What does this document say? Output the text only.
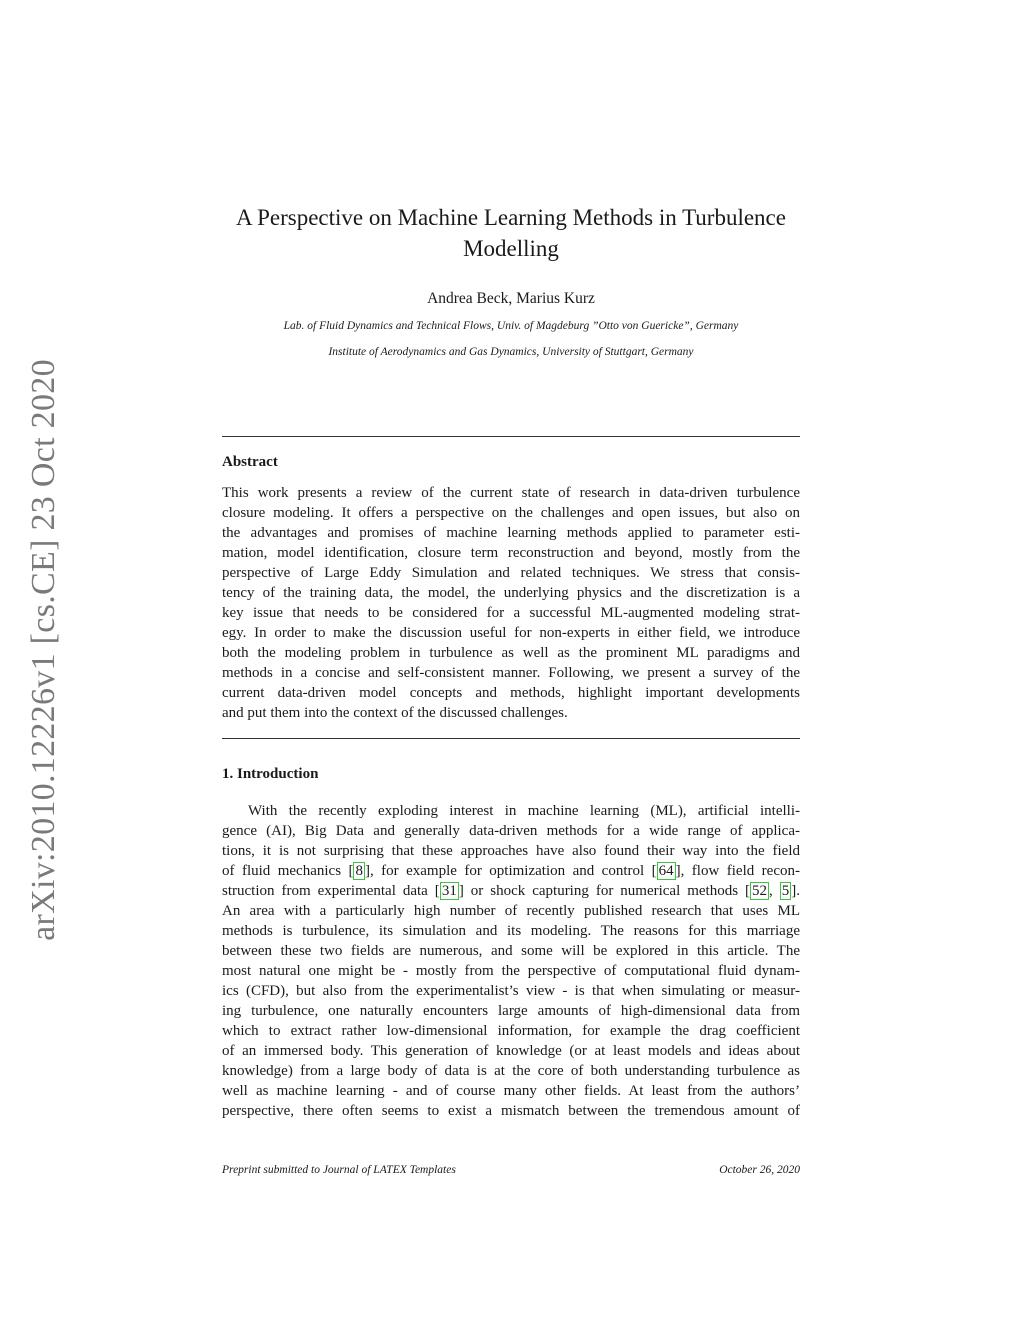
arXiv:2010.12226v1 [cs.CE] 23 Oct 2020
A Perspective on Machine Learning Methods in Turbulence
Modelling
Andrea Beck, Marius Kurz
Lab. of Fluid Dynamics and Technical Flows, Univ. of Magdeburg ”Otto von Guericke”, Germany
Institute of Aerodynamics and Gas Dynamics, University of Stuttgart, Germany
Abstract
This work presents a review of the current state of research in data-driven turbulence
closure modeling. It offers a perspective on the challenges and open issues, but also on
the advantages and promises of machine learning methods applied to parameter esti-
mation, model identification, closure term reconstruction and beyond, mostly from the
perspective of Large Eddy Simulation and related techniques. We stress that consis-
tency of the training data, the model, the underlying physics and the discretization is a
key issue that needs to be considered for a successful ML-augmented modeling strat-
egy. In order to make the discussion useful for non-experts in either field, we introduce
both the modeling problem in turbulence as well as the prominent ML paradigms and
methods in a concise and self-consistent manner. Following, we present a survey of the
current data-driven model concepts and methods, highlight important developments
and put them into the context of the discussed challenges.
1. Introduction
With the recently exploding interest in machine learning (ML), artificial intelli-
gence (AI), Big Data and generally data-driven methods for a wide range of applica-
tions, it is not surprising that these approaches have also found their way into the field
of fluid mechanics [ 8 ], for example for optimization and control [ 64 ], flow field recon-
struction from experimental data [ 31 ] or shock capturing for numerical methods [ 52 , 5 ].
An area with a particularly high number of recently published research that uses ML
methods is turbulence, its simulation and its modeling. The reasons for this marriage
between these two fields are numerous, and some will be explored in this article. The
most natural one might be - mostly from the perspective of computational fluid dynam-
ics (CFD), but also from the experimentalist’s view - is that when simulating or measur-
ing turbulence, one naturally encounters large amounts of high-dimensional data from
which to extract rather low-dimensional information, for example the drag coefficient
of an immersed body. This generation of knowledge (or at least models and ideas about
knowledge) from a large body of data is at the core of both understanding turbulence as
well as machine learning - and of course many other fields. At least from the authors’
perspective, there often seems to exist a mismatch between the tremendous amount of
Preprint submitted to Journal of LATEX Templates	October 26, 2020
